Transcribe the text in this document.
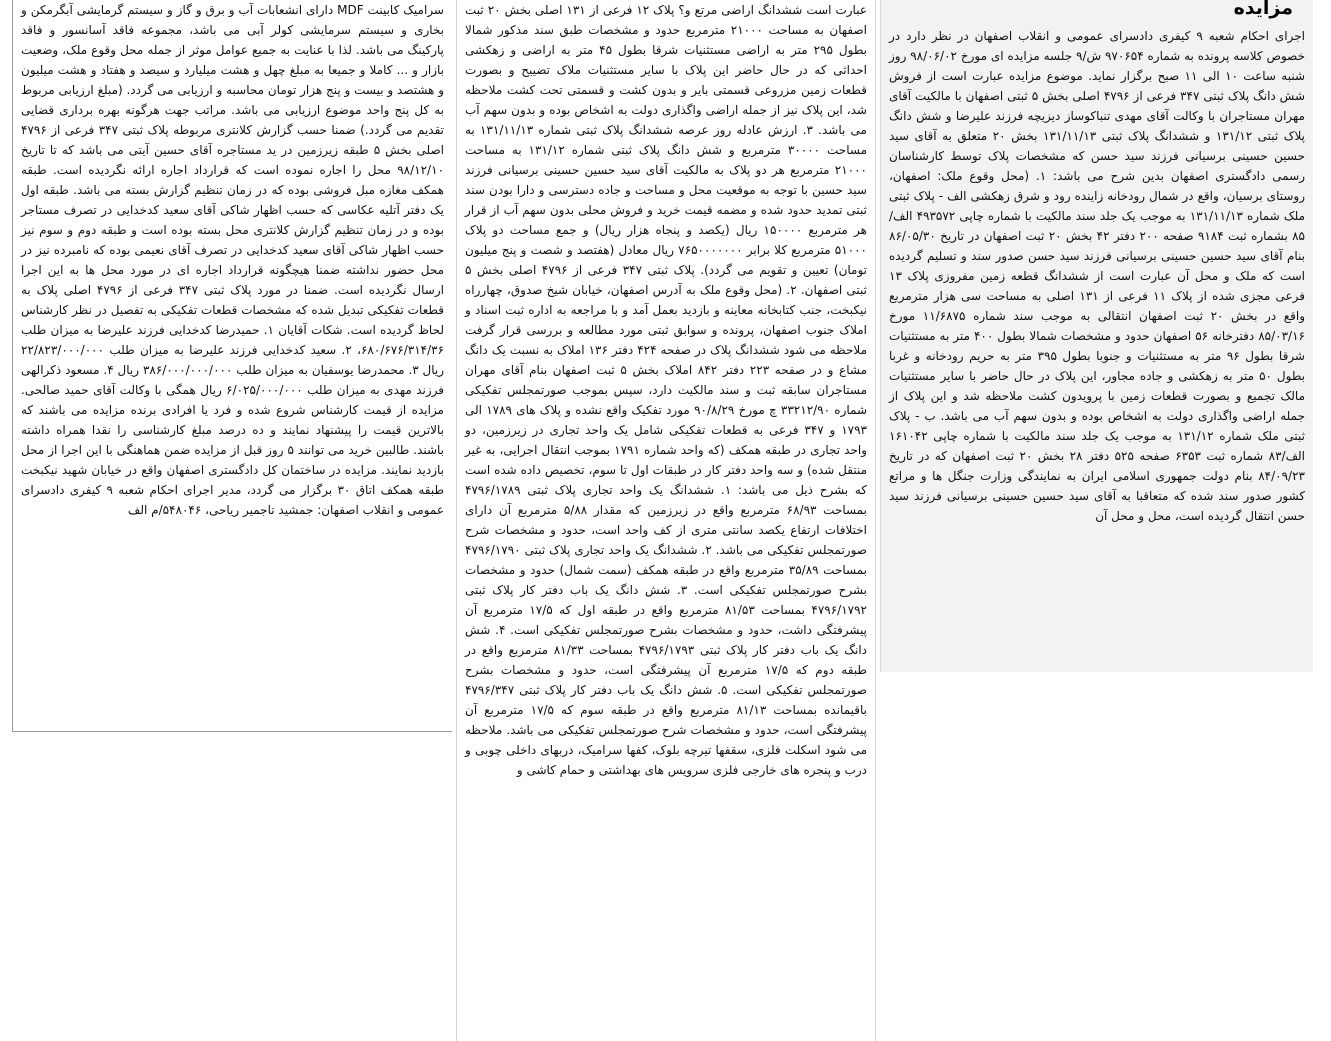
مزایده

اجرای احکام شعبه ۹ کیفری دادسرای عمومی و انقلاب اصفهان در نظر دارد در خصوص کلاسه پرونده به شماره ۹۷۰۶۵۴ ش/۹ جلسه مزایده ای مورخ ۹۸/۰۶/۰۲ روز شنبه ساعت ۱۰ الی ۱۱ صبح برگزار نماید. موضوع مزایده عبارت است از فروش شش دانگ پلاک ثبتی ۳۴۷ فرعی از ۴۷۹۶ اصلی بخش ۵ ثبتی اصفهان با مالکیت آقای مهران مستاجران با وکالت آقای مهدی تنباکوساز دیزیچه فرزند علیرضا و شش دانگ پلاک ثبتی ۱۳۱/۱۲ و ششدانگ پلاک ثبتی ۱۳۱/۱۱/۱۳ بخش ۲۰ متعلق به آقای سید حسین حسینی برسیانی فرزند سید حسن که مشخصات پلاک توسط کارشناسان رسمی دادگستری اصفهان بدین شرح می باشد: ۱. (محل وقوع ملک: اصفهان، روستای برسیان، واقع در شمال رودخانه زاینده رود و شرق زهکشی الف - پلاک ثبتی ملک شماره ۱۳۱/۱۱/۱۳ به موجب یک جلد سند مالکیت با شماره چاپی ۴۹۳۵۷۲ الف/۸۵ بشماره ثبت ۹۱۸۴ صفحه ۲۰۰ دفتر ۴۲ بخش ۲۰ ثبت اصفهان در تاریخ ۸۶/۰۵/۳۰ بنام آقای سید حسین حسینی برسیانی فرزند سید حسن صدور سند و تسلیم گردیده است که ملک و محل آن عبارت است از ششدانگ قطعه زمین مفروزی پلاک ۱۳ فرعی مجزی شده از پلاک ۱۱ فرعی از ۱۳۱ اصلی به مساحت سی هزار مترمربع واقع در بخش ۲۰ ثبت اصفهان انتقالی به موجب سند شماره ۱۱/۶۸۷۵ مورخ ۸۵/۰۳/۱۶ دفترخانه ۵۶ اصفهان حدود و مشخصات شمالا بطول ۴۰۰ متر به مستثنیات شرقا بطول ۹۶ متر به مستثنیات و جنوبا بطول ۳۹۵ متر به حریم رودخانه و غربا بطول ۵۰ متر به زهکشی و جاده مجاور، این پلاک در حال حاضر با سایر مستثنیات مالک تجمیع و بصورت قطعات زمین با پرویدون کشت ملاحظه شد و این پلاک از جمله اراضی واگذاری دولت به اشخاص بوده و بدون سهم آب می باشد. ب - پلاک ثبتی ملک شماره ۱۳۱/۱۲ به موجب یک جلد سند مالکیت با شماره چاپی ۱۶۱۰۴۲ الف/۸۳ شماره ثبت ۶۳۵۳ صفحه ۵۲۵ دفتر ۲۸ بخش ۲۰ ثبت اصفهان که در تاریخ ۸۴/۰۹/۲۳ بنام دولت جمهوری اسلامی ایران به نمایندگی وزارت جنگل ها و مراتع کشور صدور سند شده که متعاقبا به آقای سید حسین حسینی برسیانی فرزند سید حسن انتقال گردیده است، محل و محل آن

عبارت است ششدانگ اراضی مرتع و؟ پلاک ۱۲ فرعی از ۱۳۱ اصلی بخش ۲۰ ثبت اصفهان به مساحت ۲۱۰۰۰ مترمربع حدود و مشخصات طبق سند مذکور شمالا بطول ۲۹۵ متر به اراضی مستثنیات شرقا بطول ۴۵ متر به اراضی و زهکشی احداثی که در حال حاضر این پلاک با سایر مستثنیات ملاک تضییح و بصورت قطعات زمین مزروعی قسمتی بایر و بدون کشت و قسمتی تحت کشت ملاحظه شد، این پلاک نیز از جمله اراضی واگذاری دولت به اشخاص بوده و بدون سهم آب می باشد. ۳. ارزش عادله روز عرصه ششدانگ پلاک ثبتی شماره ۱۳۱/۱۱/۱۳ به مساحت ۳۰۰۰۰ مترمربع و شش دانگ پلاک ثبتی شماره ۱۳۱/۱۲ به مساحت ۲۱۰۰۰ مترمربع هر دو پلاک به مالکیت آقای سید حسین حسینی برسیانی فرزند سید حسین با توجه به موقعیت محل و مساحت و جاده دسترسی و دارا بودن سند ثبتی تمدید حدود شده و مضمه قیمت خرید و فروش محلی بدون سهم آب از قرار هر مترمربع ۱۵۰۰۰۰ ریال (یکصد و پنجاه هزار ریال) و جمع مساحت دو پلاک ۵۱۰۰۰ مترمربع کلا برابر ۷۶۵۰۰۰۰۰۰۰ ریال معادل (هفتصد و شصت و پنج میلیون تومان) تعیین و تقویم می گردد). پلاک ثبتی ۳۴۷ فرعی از ۴۷۹۶ اصلی بخش ۵ ثبتی اصفهان. ۲. (محل وقوع ملک به آدرس اصفهان، خیابان شیخ صدوق، چهارراه نیکبخت، جنب کتابخانه معاینه و بازدید بعمل آمد و با مراجعه به اداره ثبت اسناد و املاک جنوب اصفهان، پرونده و سوابق ثبتی مورد مطالعه و بررسی قرار گرفت ملاحظه می شود ششدانگ پلاک در صفحه ۴۲۴ دفتر ۱۳۶ املاک به نسبت یک دانگ مشاع و در صفحه ۲۲۳ دفتر ۸۴۲ املاک بخش ۵ ثبت اصفهان بنام آقای مهران مستاجران سابقه ثبت و سند مالکیت دارد، سپس بموجب صورتمجلس تفکیکی شماره ۳۳۲۱۲/۹۰ چ مورخ ۹۰/۸/۲۹ مورد تفکیک واقع نشده و پلاک های ۱۷۸۹ الی ۱۷۹۳ و ۳۴۷ فرعی به قطعات تفکیکی شامل یک واحد تجاری در زیرزمین، دو واحد تجاری در طبقه همکف (که واحد شماره ۱۷۹۱ بموجب انتقال اجرایی، به غیر منتقل شده) و سه واحد دفتر کار در طبقات اول تا سوم، تخصیص داده شده است که بشرح ذیل می باشد: ۱. ششدانگ یک واحد تجاری پلاک ثبتی ۴۷۹۶/۱۷۸۹ بمساحت ۶۸/۹۳ مترمربع واقع در زیرزمین که مقدار ۵/۸۸ مترمربع آن دارای اختلافات ارتفاع یکصد سانتی متری از کف واحد است، حدود و مشخصات شرح صورتمجلس تفکیکی می باشد. ۲. ششدانگ یک واحد تجاری پلاک ثبتی ۴۷۹۶/۱۷۹۰ بمساحت ۳۵/۸۹ مترمربع واقع در طبقه همکف (سمت شمال) حدود و مشخصات بشرح صورتمجلس تفکیکی است. ۳. شش دانگ یک باب دفتر کار پلاک ثبتی ۴۷۹۶/۱۷۹۲ بمساحت ۸۱/۵۳ مترمربع واقع در طبقه اول که ۱۷/۵ مترمربع آن پیشرفتگی داشت، حدود و مشخصات بشرح صورتمجلس تفکیکی است. ۴. شش دانگ یک باب دفتر کار پلاک ثبتی ۴۷۹۶/۱۷۹۳ بمساحت ۸۱/۳۳ مترمربع واقع در طبقه دوم که ۱۷/۵ مترمربع آن پیشرفتگی است، حدود و مشخصات بشرح صورتمجلس تفکیکی است. ۵. شش دانگ یک باب دفتر کار پلاک ثبتی ۴۷۹۶/۳۴۷ باقیمانده بمساحت ۸۱/۱۳ مترمربع واقع در طبقه سوم که ۱۷/۵ مترمربع آن پیشرفتگی است، حدود و مشخصات شرح صورتمجلس تفکیکی می باشد. ملاحظه می شود اسکلت فلزی، سقفها تیرچه بلوک، کفها سرامیک، دربهای داخلی چوبی و درب و پنجره های خارجی فلزی سرویس های بهداشتی و حمام کاشی و

سرامیک کابینت MDF دارای انشعابات آب و برق و گاز و سیستم گرمایشی آبگرمکن و بخاری و سیستم سرمایشی کولر آبی می باشد، مجموعه فاقد آسانسور و فاقد پارکینگ می باشد. لذا با عنایت به جمیع عوامل موثر از جمله محل وقوع ملک، وضعیت بازار و ... کاملا و جمیعا به مبلغ چهل و هشت میلیارد و سیصد و هفتاد و هشت میلیون و هشتصد و بیست و پنج هزار تومان محاسبه و ارزیابی می گردد. (مبلغ ارزیابی مربوط به کل پنج واحد موضوع ارزیابی می باشد. مراتب جهت هرگونه بهره برداری قضایی تقدیم می گردد.) ضمنا حسب گزارش کلانتری مربوطه پلاک ثبتی ۳۴۷ فرعی از ۴۷۹۶ اصلی بخش ۵ طبقه زیرزمین در ید مستاجره آقای حسین آیتی می باشد که تا تاریخ ۹۸/۱۲/۱۰ محل را اجاره نموده است که قرارداد اجاره ارائه نگردیده است. طبقه همکف مغازه مبل فروشی بوده که در زمان تنظیم گزارش بسته می باشد. طبقه اول یک دفتر آتلیه عکاسی که حسب اظهار شاکی آقای سعید کدخدایی در تصرف مستاجر بوده و در زمان تنظیم گزارش کلانتری محل بسته بوده است و طبقه دوم و سوم نیز حسب اظهار شاکی آقای سعید کدخدایی در تصرف آقای نعیمی بوده که نامبرده نیز در محل حضور نداشته ضمنا هیچگونه قرارداد اجاره ای در مورد محل ها به این اجرا ارسال نگردیده است. ضمنا در مورد پلاک ثبتی ۳۴۷ فرعی از ۴۷۹۶ اصلی پلاک به قطعات تفکیکی تبدیل شده که مشخصات قطعات تفکیکی به تفصیل در نظر کارشناس لحاظ گردیده است. شکات آقایان ۱. حمیدرضا کدخدایی فرزند علیرضا به میزان طلب ۶۸۰/۶۷۶/۳۱۴/۳۶، ۲. سعید کدخدایی فرزند علیرضا به میزان طلب ۲۲/۸۲۳/۰۰۰/۰۰۰ ریال ۳. محمدرضا یوسفیان به میزان طلب ۳۸۶/۰۰۰/۰۰۰/۰۰۰ ریال ۴. مسعود ذکرالهی فرزند مهدی به میزان طلب ۶/۰۲۵/۰۰۰/۰۰۰ ریال همگی با وکالت آقای حمید صالحی. مزایده از قیمت کارشناس شروع شده و فرد یا افرادی برنده مزایده می باشند که بالاترین قیمت را پیشنهاد نمایند و ده درصد مبلغ کارشناسی را نقدا همراه داشته باشند. طالبین خرید می توانند ۵ روز قبل از مزایده ضمن هماهنگی با این اجرا از محل بازدید نمایند. مزایده در ساختمان کل دادگستری اصفهان واقع در خیابان شهید نیکبخت طبقه همکف اتاق ۳۰ برگزار می گردد، مدیر اجرای احکام شعبه ۹ کیفری دادسرای عمومی و انقلاب اصفهان: جمشید تاجمیر ریاحی، ۵۴۸۰۴۶/م الف
